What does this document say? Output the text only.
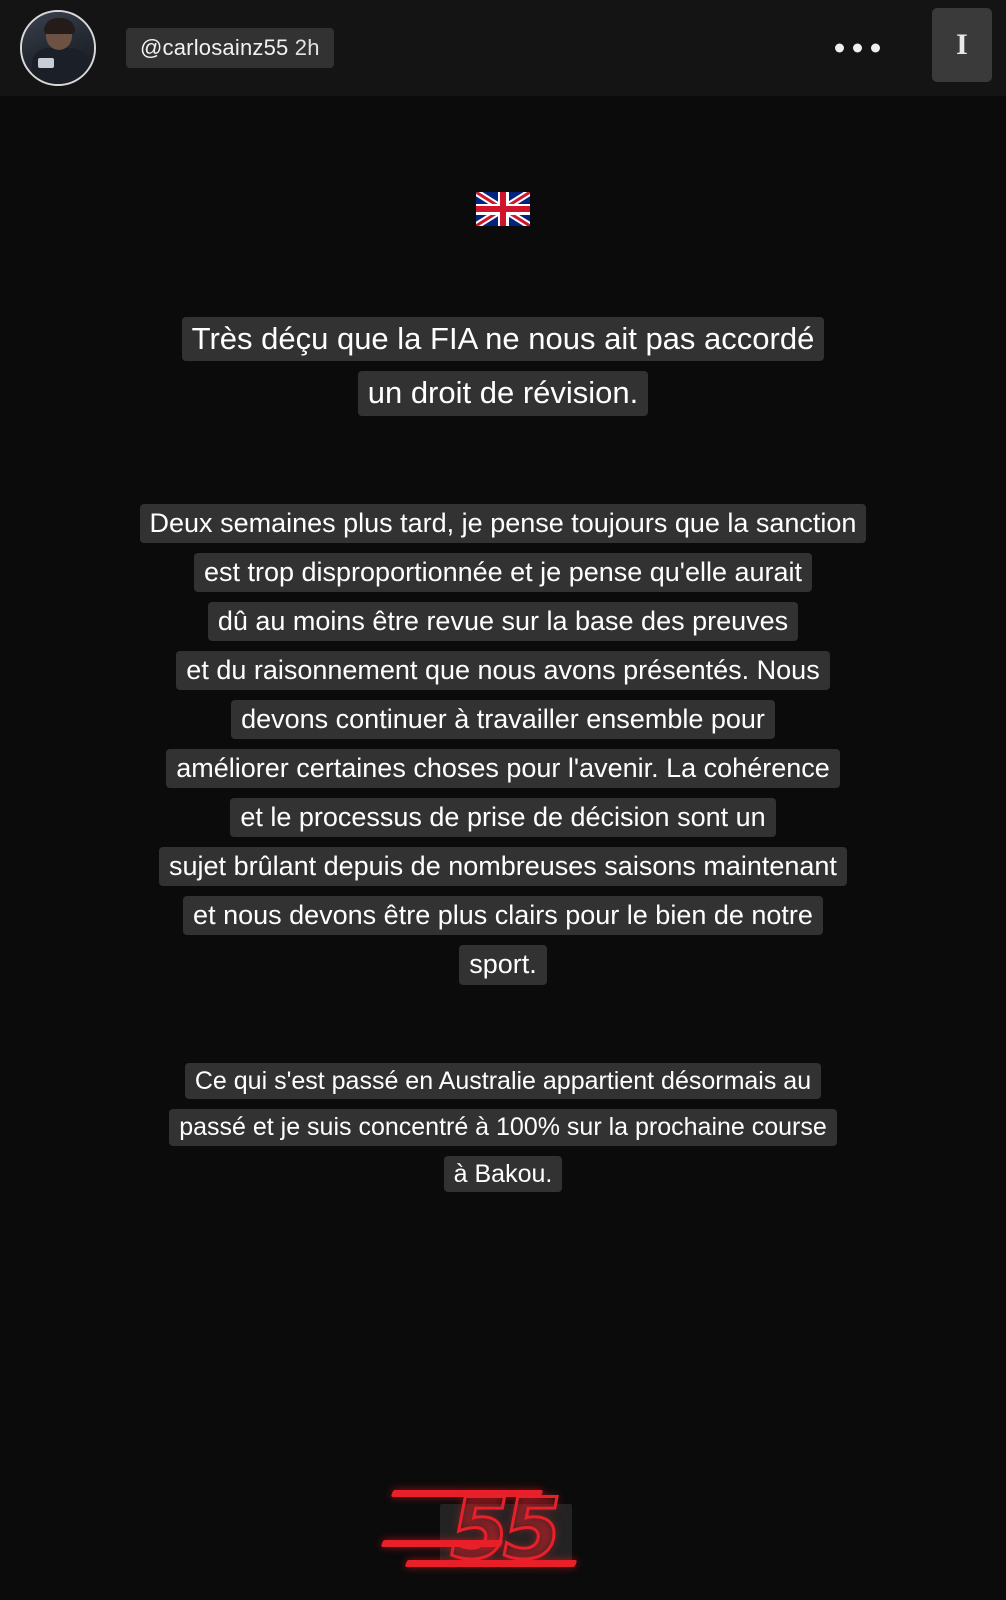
@carlosainz55 2h	I
Très déçu que la FIA ne nous ait pas accordé
un droit de révision.
Deux semaines plus tard, je pense toujours que la sanction
est trop disproportionnée et je pense qu'elle aurait
dû au moins être revue sur la base des preuves
et du raisonnement que nous avons présentés. Nous
devons continuer à travailler ensemble pour
améliorer certaines choses pour l'avenir. La cohérence
et le processus de prise de décision sont un
sujet brûlant depuis de nombreuses saisons maintenant
et nous devons être plus clairs pour le bien de notre
sport.
Ce qui s'est passé en Australie appartient désormais au
passé et je suis concentré à 100% sur la prochaine course
à Bakou.
55
